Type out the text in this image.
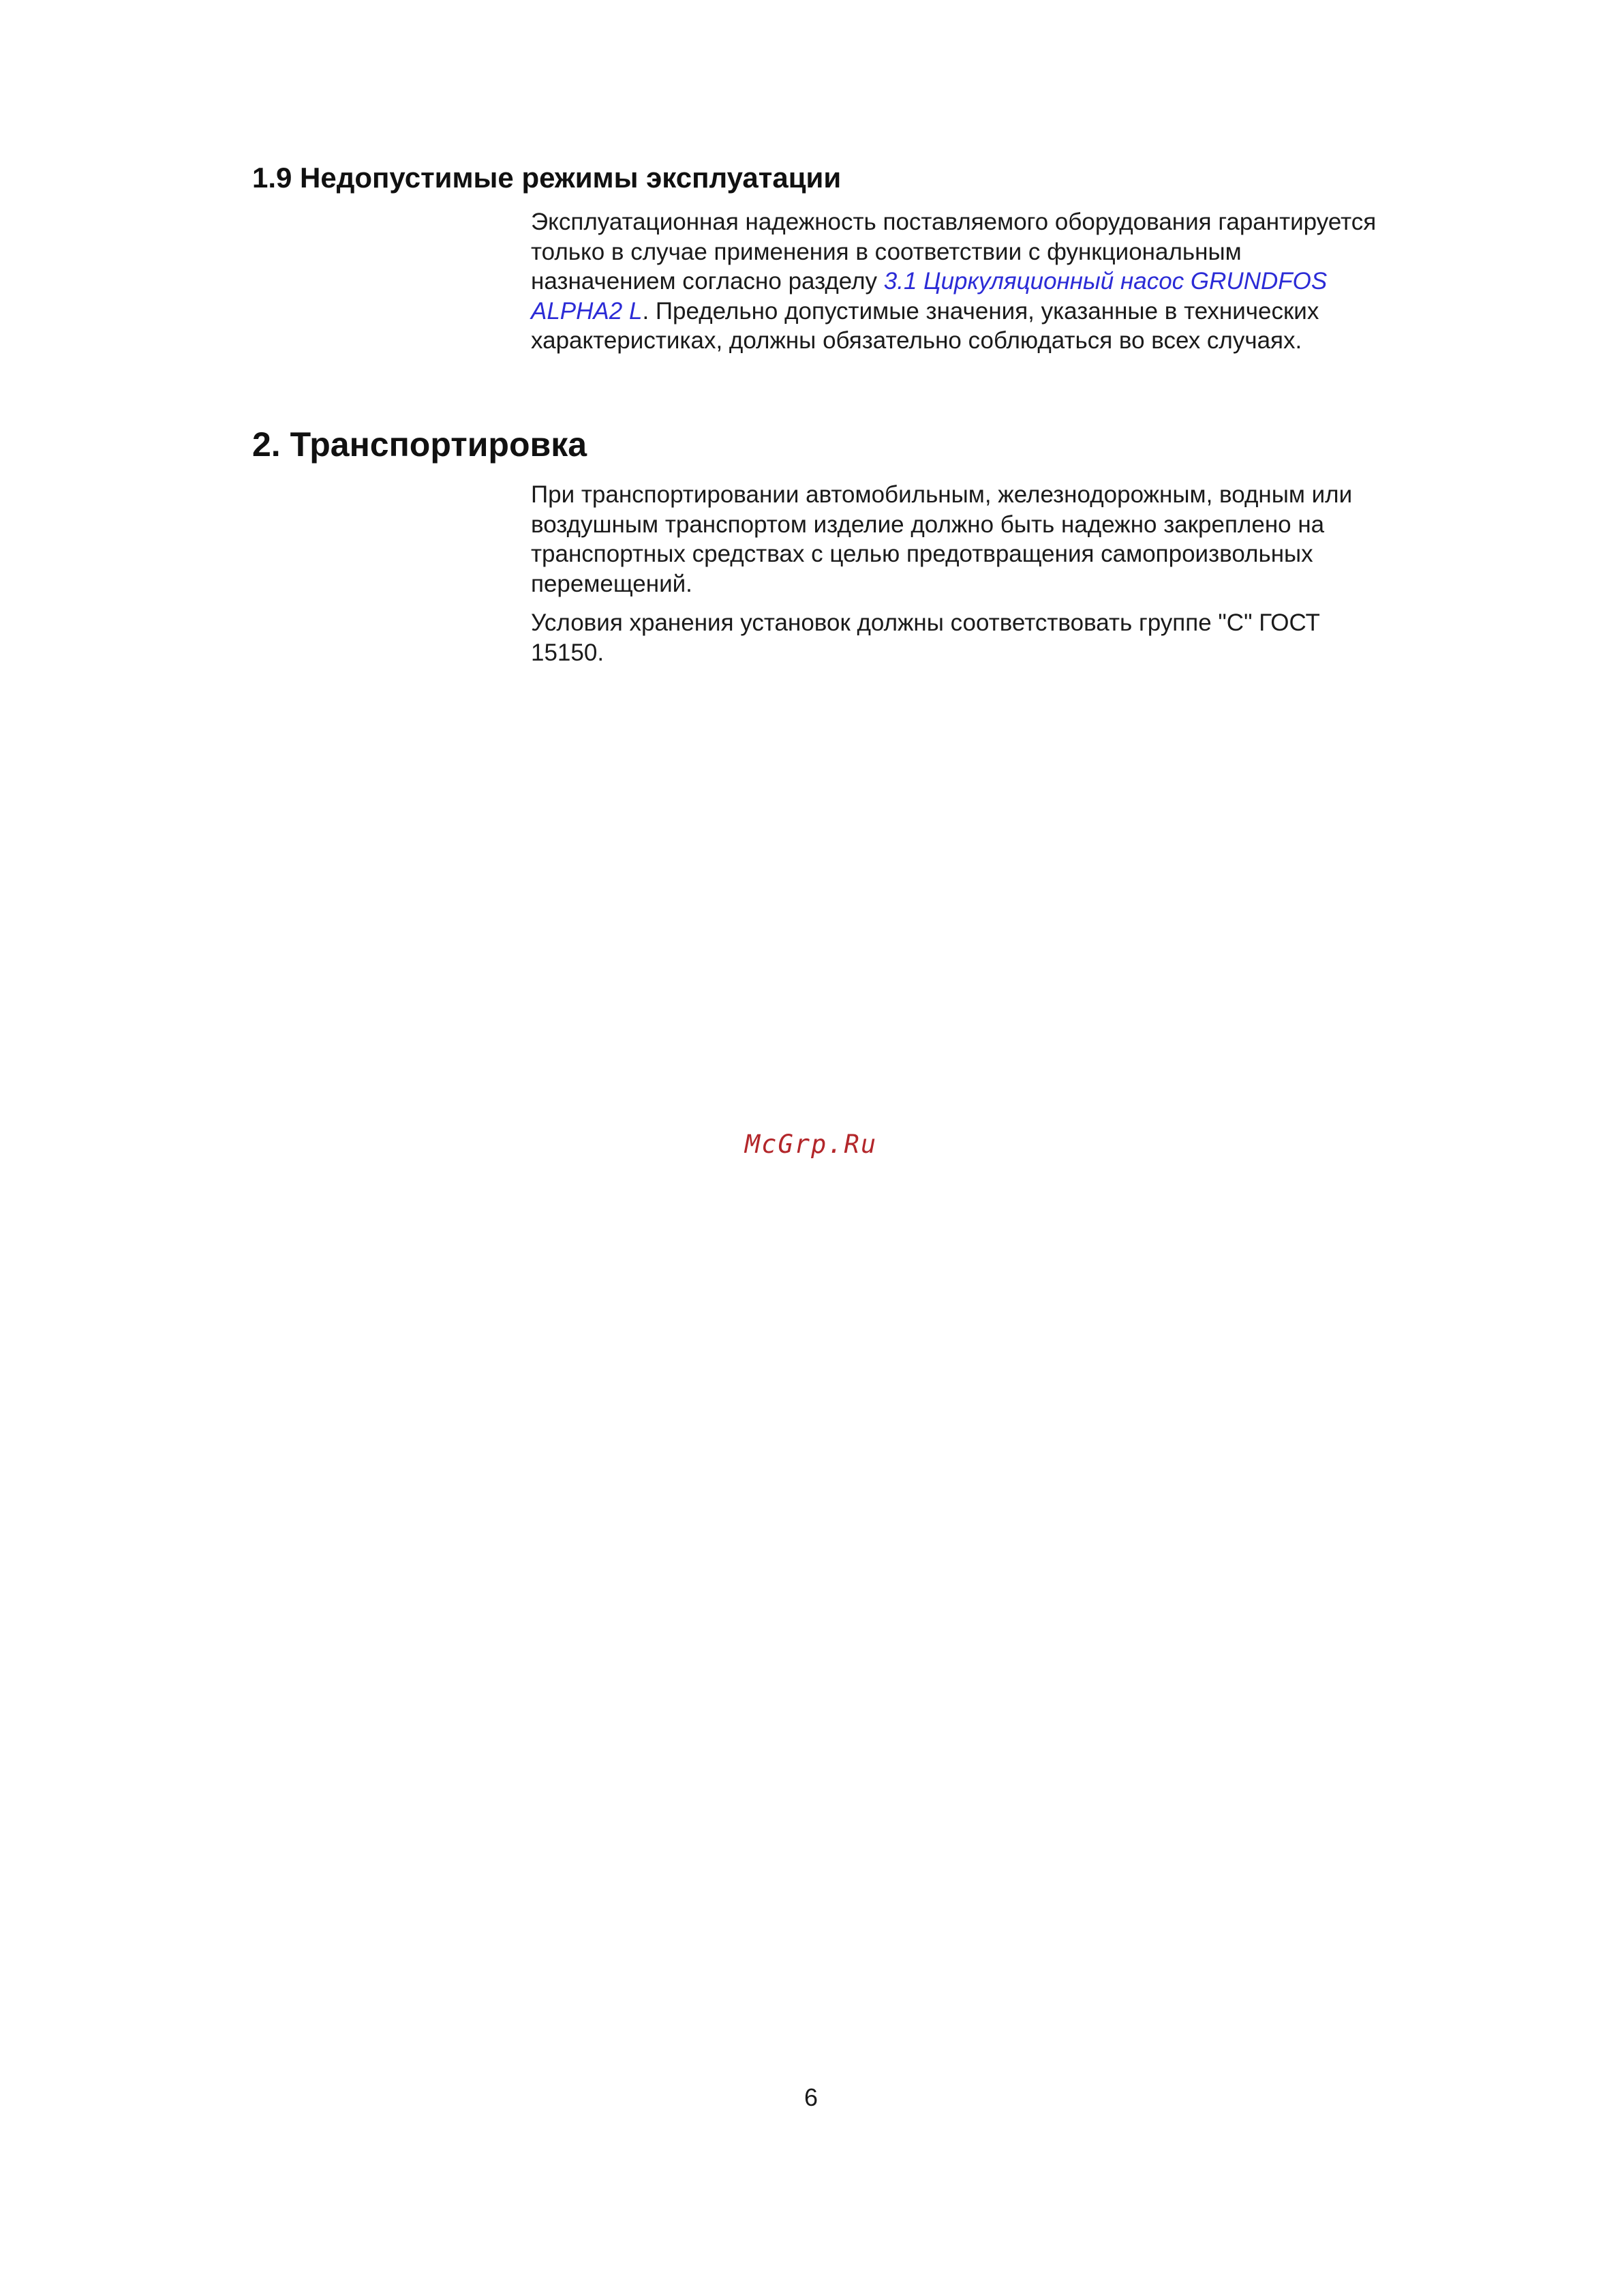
1.9 Недопустимые режимы эксплуатации

Эксплуатационная надежность поставляемого оборудования гарантируется только в случае применения в соответствии с функциональным назначением согласно разделу 3.1 Циркуляционный насос GRUNDFOS ALPHA2 L. Предельно допустимые значения, указанные в технических характеристиках, должны обязательно соблюдаться во всех случаях.

2. Транспортировка

При транспортировании автомобильным, железнодорожным, водным или воздушным транспортом изделие должно быть надежно закреплено на транспортных средствах с целью предотвращения самопроизвольных перемещений.

Условия хранения установок должны соответствовать группе "С" ГОСТ 15150.

McGrp.Ru
6
